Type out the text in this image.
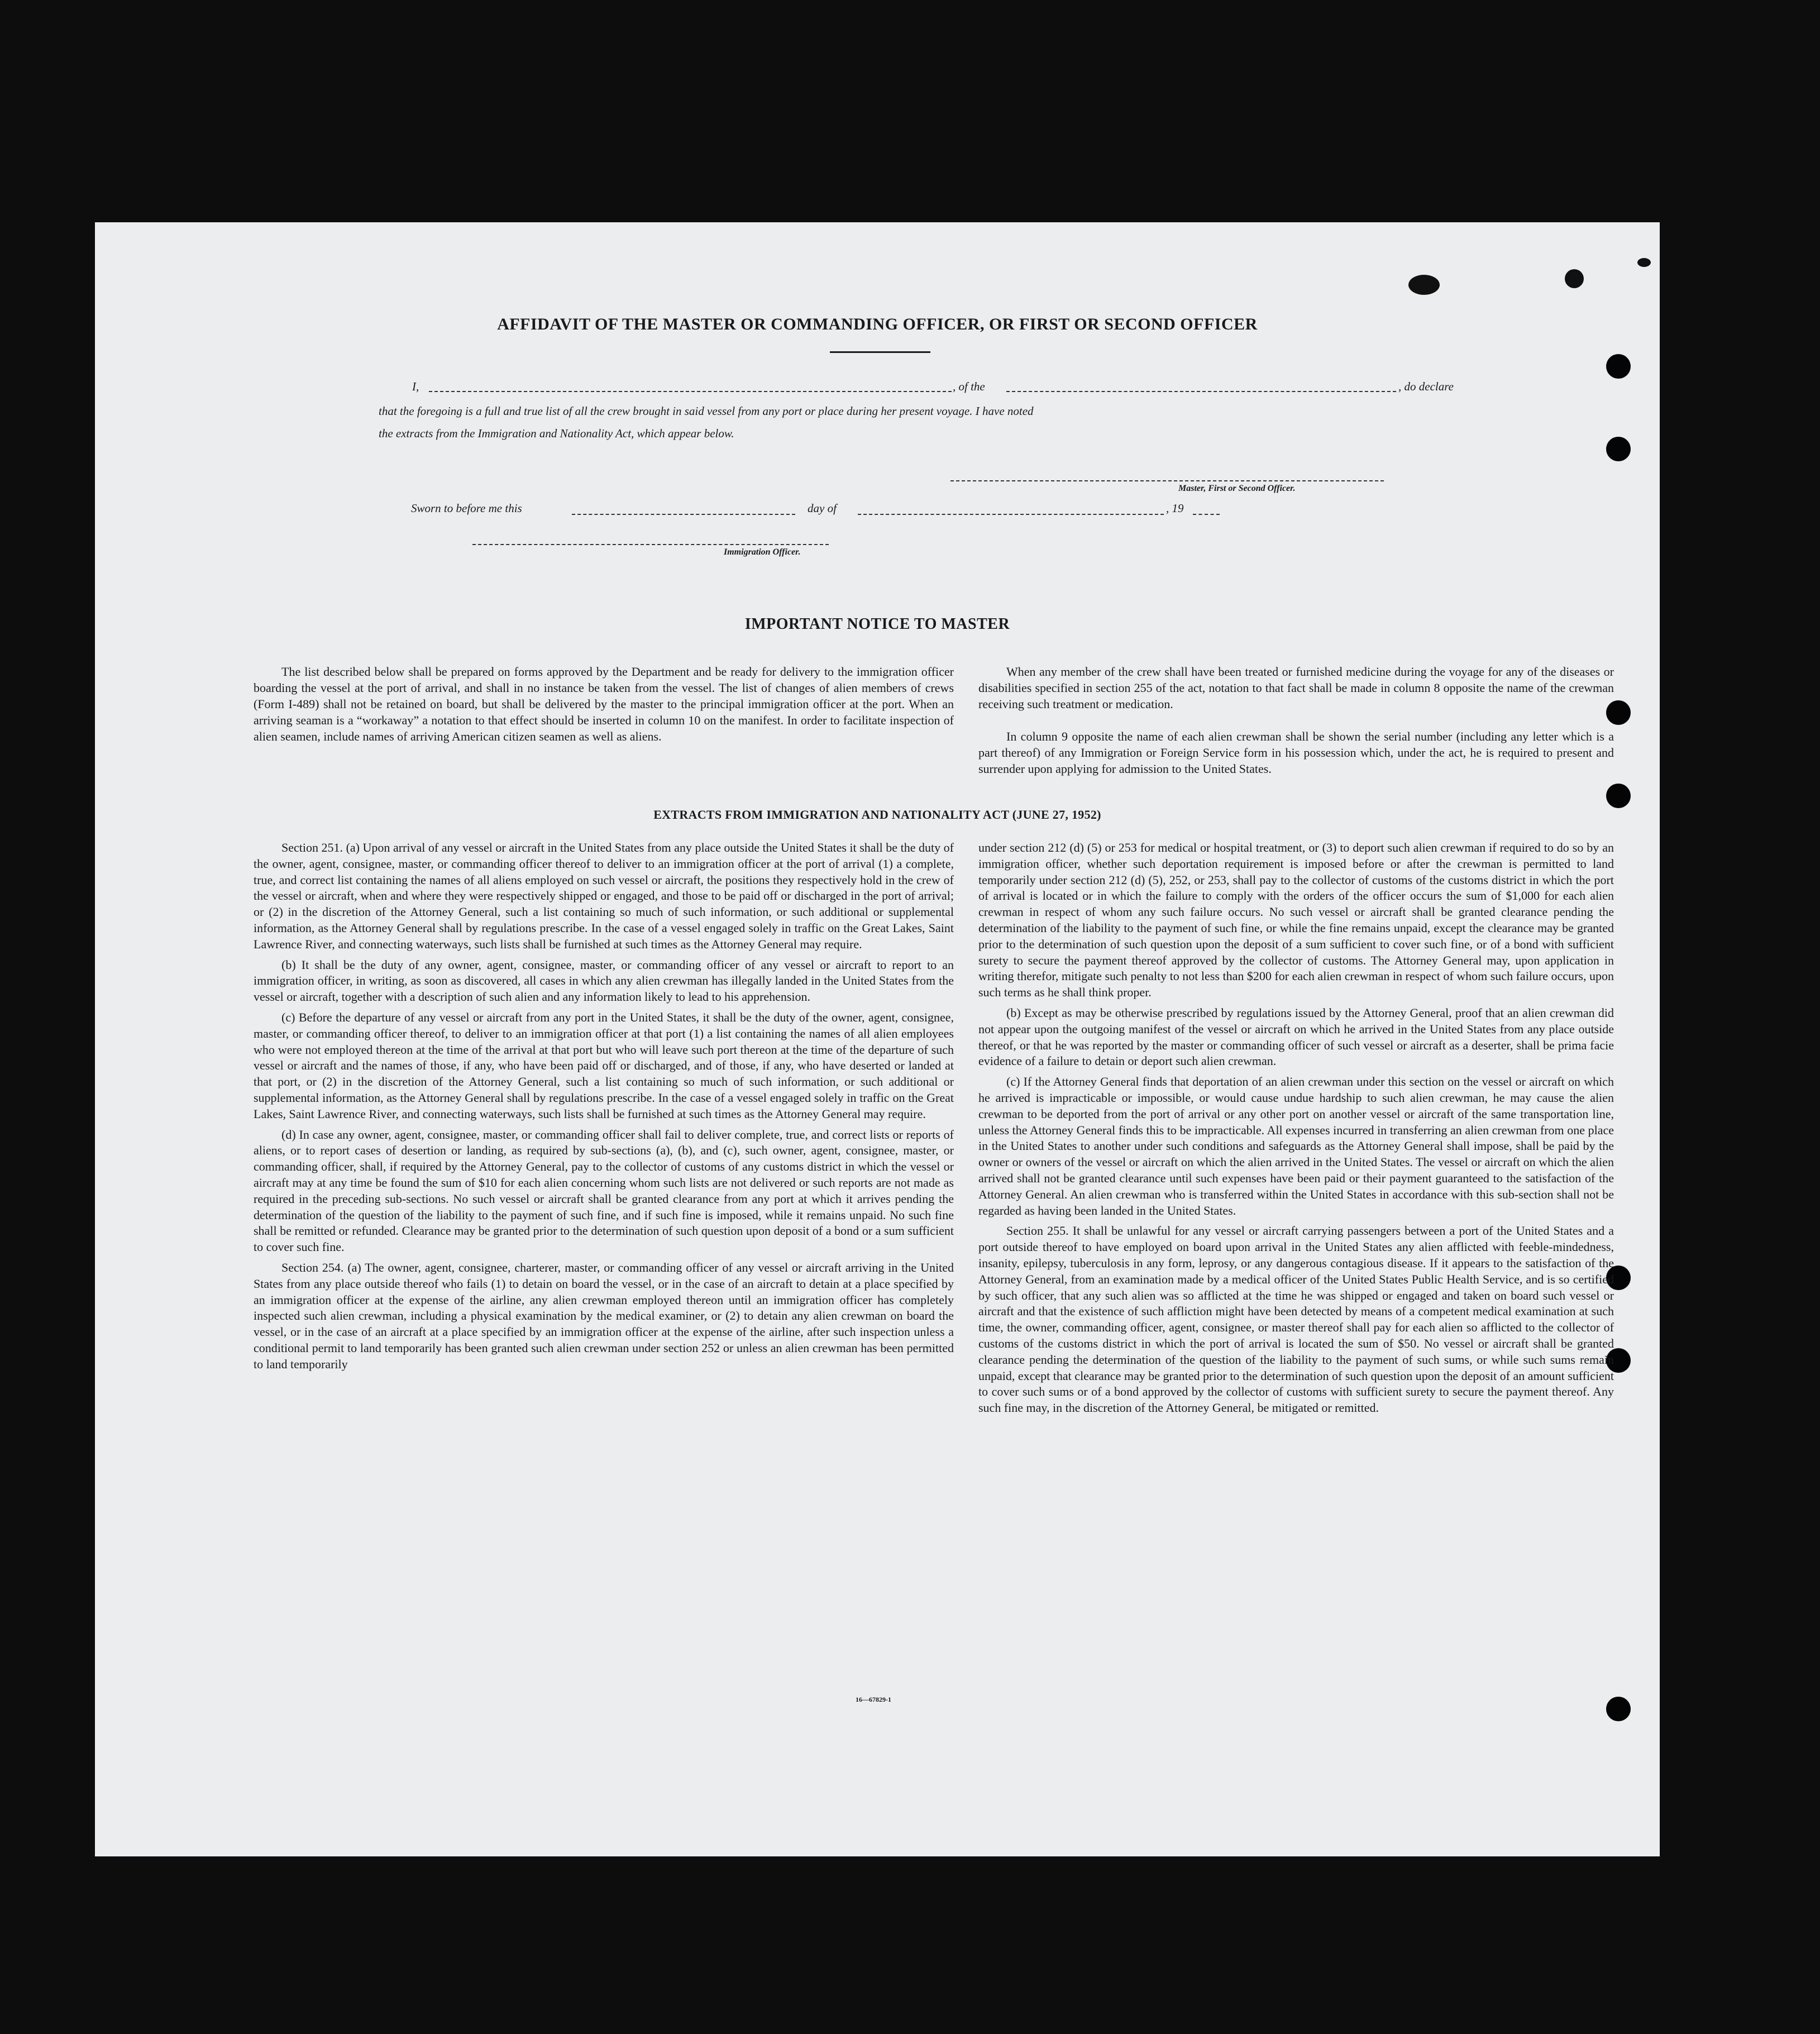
AFFIDAVIT OF THE MASTER OR COMMANDING OFFICER, OR FIRST OR SECOND OFFICER
I,	, of the	, do declare
that the foregoing is a full and true list of all the crew brought in said vessel from any port or place during her present voyage. I have noted
the extracts from the Immigration and Nationality Act, which appear below.
Master, First or Second Officer.
Sworn to before me this	day of	, 19
Immigration Officer.
IMPORTANT NOTICE TO MASTER

The list described below shall be prepared on forms approved by the Department and be ready for delivery to the immigration officer boarding the vessel at the port of arrival, and shall in no instance be taken from the vessel. The list of changes of alien members of crews (Form I-489) shall not be retained on board, but shall be delivered by the master to the principal immigration officer at the port. When an arriving seaman is a “workaway” a notation to that effect should be inserted in column 10 on the manifest. In order to facilitate inspection of alien seamen, include names of arriving American citizen seamen as well as aliens.

When any member of the crew shall have been treated or furnished medicine during the voyage for any of the diseases or disabilities specified in section 255 of the act, notation to that fact shall be made in column 8 opposite the name of the crewman receiving such treatment or medication.

In column 9 opposite the name of each alien crewman shall be shown the serial number (including any letter which is a part thereof) of any Immigration or Foreign Service form in his possession which, under the act, he is required to present and surrender upon applying for admission to the United States.

EXTRACTS FROM IMMIGRATION AND NATIONALITY ACT (JUNE 27, 1952)

Section 251. (a) Upon arrival of any vessel or aircraft in the United States from any place outside the United States it shall be the duty of the owner, agent, consignee, master, or commanding officer thereof to deliver to an immigration officer at the port of arrival (1) a complete, true, and correct list containing the names of all aliens employed on such vessel or aircraft, the positions they respectively hold in the crew of the vessel or aircraft, when and where they were respectively shipped or engaged, and those to be paid off or discharged in the port of arrival; or (2) in the discretion of the Attorney General, such a list containing so much of such information, or such additional or supplemental information, as the Attorney General shall by regulations prescribe. In the case of a vessel engaged solely in traffic on the Great Lakes, Saint Lawrence River, and connecting waterways, such lists shall be furnished at such times as the Attorney General may require.

(b) It shall be the duty of any owner, agent, consignee, master, or commanding officer of any vessel or aircraft to report to an immigration officer, in writing, as soon as discovered, all cases in which any alien crewman has illegally landed in the United States from the vessel or aircraft, together with a description of such alien and any information likely to lead to his apprehension.

(c) Before the departure of any vessel or aircraft from any port in the United States, it shall be the duty of the owner, agent, consignee, master, or commanding officer thereof, to deliver to an immigration officer at that port (1) a list containing the names of all alien employees who were not employed thereon at the time of the arrival at that port but who will leave such port thereon at the time of the departure of such vessel or aircraft and the names of those, if any, who have been paid off or discharged, and of those, if any, who have deserted or landed at that port, or (2) in the discretion of the Attorney General, such a list containing so much of such information, or such additional or supplemental information, as the Attorney General shall by regulations prescribe. In the case of a vessel engaged solely in traffic on the Great Lakes, Saint Lawrence River, and connecting waterways, such lists shall be furnished at such times as the Attorney General may require.

(d) In case any owner, agent, consignee, master, or commanding officer shall fail to deliver complete, true, and correct lists or reports of aliens, or to report cases of desertion or landing, as required by sub-sections (a), (b), and (c), such owner, agent, consignee, master, or commanding officer, shall, if required by the Attorney General, pay to the collector of customs of any customs district in which the vessel or aircraft may at any time be found the sum of $10 for each alien concerning whom such lists are not delivered or such reports are not made as required in the preceding sub-sections. No such vessel or aircraft shall be granted clearance from any port at which it arrives pending the determination of the question of the liability to the payment of such fine, and if such fine is imposed, while it remains unpaid. No such fine shall be remitted or refunded. Clearance may be granted prior to the determination of such question upon deposit of a bond or a sum sufficient to cover such fine.

Section 254. (a) The owner, agent, consignee, charterer, master, or commanding officer of any vessel or aircraft arriving in the United States from any place outside thereof who fails (1) to detain on board the vessel, or in the case of an aircraft to detain at a place specified by an immigration officer at the expense of the airline, any alien crewman employed thereon until an immigration officer has completely inspected such alien crewman, including a physical examination by the medical examiner, or (2) to detain any alien crewman on board the vessel, or in the case of an aircraft at a place specified by an immigration officer at the expense of the airline, after such inspection unless a conditional permit to land temporarily has been granted such alien crewman under section 252 or unless an alien crewman has been permitted to land temporarily

under section 212 (d) (5) or 253 for medical or hospital treatment, or (3) to deport such alien crewman if required to do so by an immigration officer, whether such deportation requirement is imposed before or after the crewman is permitted to land temporarily under section 212 (d) (5), 252, or 253, shall pay to the collector of customs of the customs district in which the port of arrival is located or in which the failure to comply with the orders of the officer occurs the sum of $1,000 for each alien crewman in respect of whom any such failure occurs. No such vessel or aircraft shall be granted clearance pending the determination of the liability to the payment of such fine, or while the fine remains unpaid, except the clearance may be granted prior to the determination of such question upon the deposit of a sum sufficient to cover such fine, or of a bond with sufficient surety to secure the payment thereof approved by the collector of customs. The Attorney General may, upon application in writing therefor, mitigate such penalty to not less than $200 for each alien crewman in respect of whom such failure occurs, upon such terms as he shall think proper.

(b) Except as may be otherwise prescribed by regulations issued by the Attorney General, proof that an alien crewman did not appear upon the outgoing manifest of the vessel or aircraft on which he arrived in the United States from any place outside thereof, or that he was reported by the master or commanding officer of such vessel or aircraft as a deserter, shall be prima facie evidence of a failure to detain or deport such alien crewman.

(c) If the Attorney General finds that deportation of an alien crewman under this section on the vessel or aircraft on which he arrived is impracticable or impossible, or would cause undue hardship to such alien crewman, he may cause the alien crewman to be deported from the port of arrival or any other port on another vessel or aircraft of the same transportation line, unless the Attorney General finds this to be impracticable. All expenses incurred in transferring an alien crewman from one place in the United States to another under such conditions and safeguards as the Attorney General shall impose, shall be paid by the owner or owners of the vessel or aircraft on which the alien arrived in the United States. The vessel or aircraft on which the alien arrived shall not be granted clearance until such expenses have been paid or their payment guaranteed to the satisfaction of the Attorney General. An alien crewman who is transferred within the United States in accordance with this sub-section shall not be regarded as having been landed in the United States.

Section 255. It shall be unlawful for any vessel or aircraft carrying passengers between a port of the United States and a port outside thereof to have employed on board upon arrival in the United States any alien afflicted with feeble-mindedness, insanity, epilepsy, tuberculosis in any form, leprosy, or any dangerous contagious disease. If it appears to the satisfaction of the Attorney General, from an examination made by a medical officer of the United States Public Health Service, and is so certified by such officer, that any such alien was so afflicted at the time he was shipped or engaged and taken on board such vessel or aircraft and that the existence of such affliction might have been detected by means of a competent medical examination at such time, the owner, commanding officer, agent, consignee, or master thereof shall pay for each alien so afflicted to the collector of customs of the customs district in which the port of arrival is located the sum of $50. No vessel or aircraft shall be granted clearance pending the determination of the question of the liability to the payment of such sums, or while such sums remain unpaid, except that clearance may be granted prior to the determination of such question upon the deposit of an amount sufficient to cover such sums or of a bond approved by the collector of customs with sufficient surety to secure the payment thereof. Any such fine may, in the discretion of the Attorney General, be mitigated or remitted.

16—67829-1
